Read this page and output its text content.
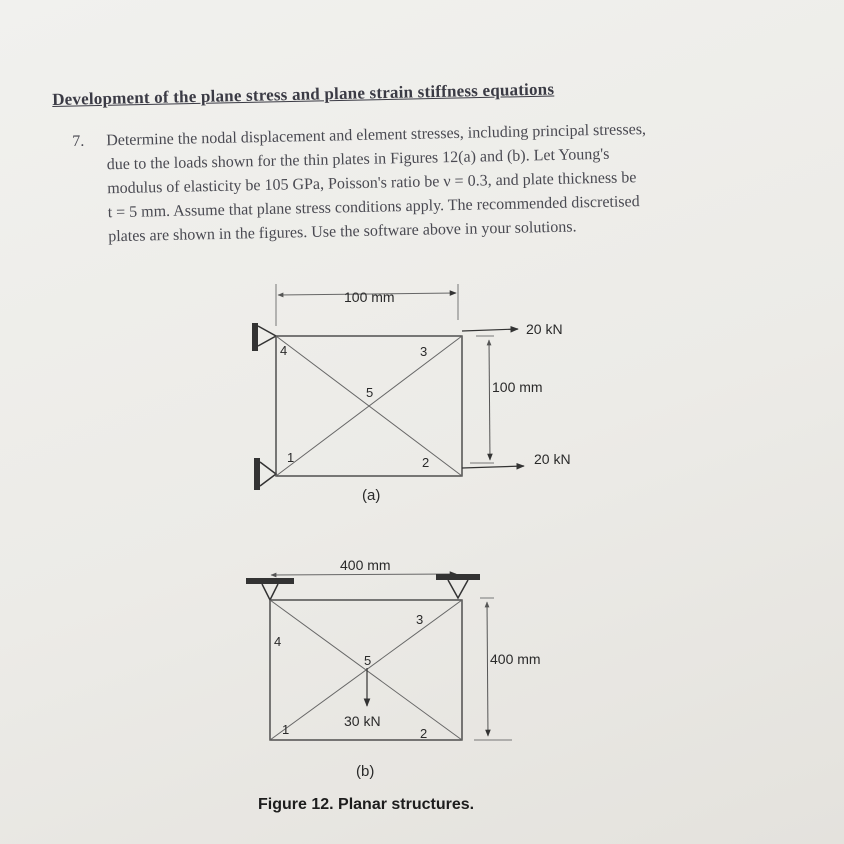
Development of the plane stress and plane strain stiffness equations
7. Determine the nodal displacement and element stresses, including principal stresses,
due to the loads shown for the thin plates in Figures 12(a) and (b). Let Young's
modulus of elasticity be 105 GPa, Poisson's ratio be ν = 0.3, and plate thickness be
t = 5 mm. Assume that plane stress conditions apply. The recommended discretised
plates are shown in the figures. Use the software above in your solutions.
100 mm
4	3
5
1	2
20 kN
20 kN
100 mm
(a)
400 mm
3
4
5
1	2
30 kN
400 mm
(b)
Figure 12. Planar structures.
